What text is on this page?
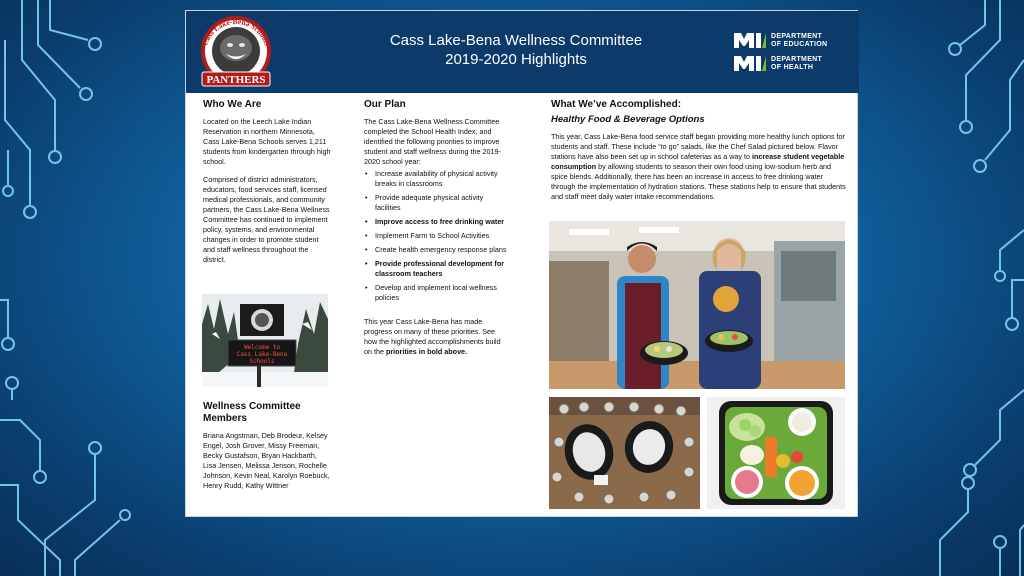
Cass Lake-Bena Schools
PANTHERS
Cass Lake-Bena Wellness Committee
2019-2020 Highlights
DEPARTMENT
OF EDUCATION
DEPARTMENT
OF HEALTH
Who We Are

Located on the Leech Lake Indian Reservation in northern Minnesota, Cass Lake-Bena Schools serves 1,211 students from kindergarten through high school.

Comprised of district administrators, educators, food services staff, licensed medical professionals, and community partners, the Cass Lake-Bena Wellness Committee has continued to implement policy, systems, and environmental changes in order to promote student and staff wellness throughout the district.

Welcome to
Cass Lake-Bena
Schools
Wellness Committee Members

Briana Angstman, Deb Brodeur, Kelsey Engel, Josh Grover, Missy Freeman, Becky Gustafson, Bryan Hackbarth, Lisa Jensen, Melissa Jenson, Rochelle Johnson, Kevin Neal, Karolyn Roebuck, Henry Rudd, Kathy Wittner

Our Plan

The Cass Lake-Bena Wellness Committee completed the School Health Index, and identified the following priorities to improve student and staff wellness during the 2019-2020 school year:

• Increase availability of physical activity breaks in classrooms
• Provide adequate physical activity facilities
• Improve access to free drinking water
• Implement Farm to School Activities
• Create health emergency response plans
• Provide professional development for classroom teachers
• Develop and implement local wellness policies

This year Cass Lake-Bena has made progress on many of these priorities. See how the highlighted accomplishments build on the priorities in bold above.

What We’ve Accomplished:
Healthy Food & Beverage Options

This year, Cass Lake-Bena food service staff began providing more healthy lunch options for students and staff. These include “to go” salads, like the Chef Salad pictured below. Flavor stations have also been set up in school cafeterias as a way to increase student vegetable consumption by allowing students to season their own food using low-sodium herb and spice blends. Additionally, there has been an increase in access to free drinking water through the implementation of hydration stations. These stations help to ensure that students and staff meet daily water intake recommendations.
